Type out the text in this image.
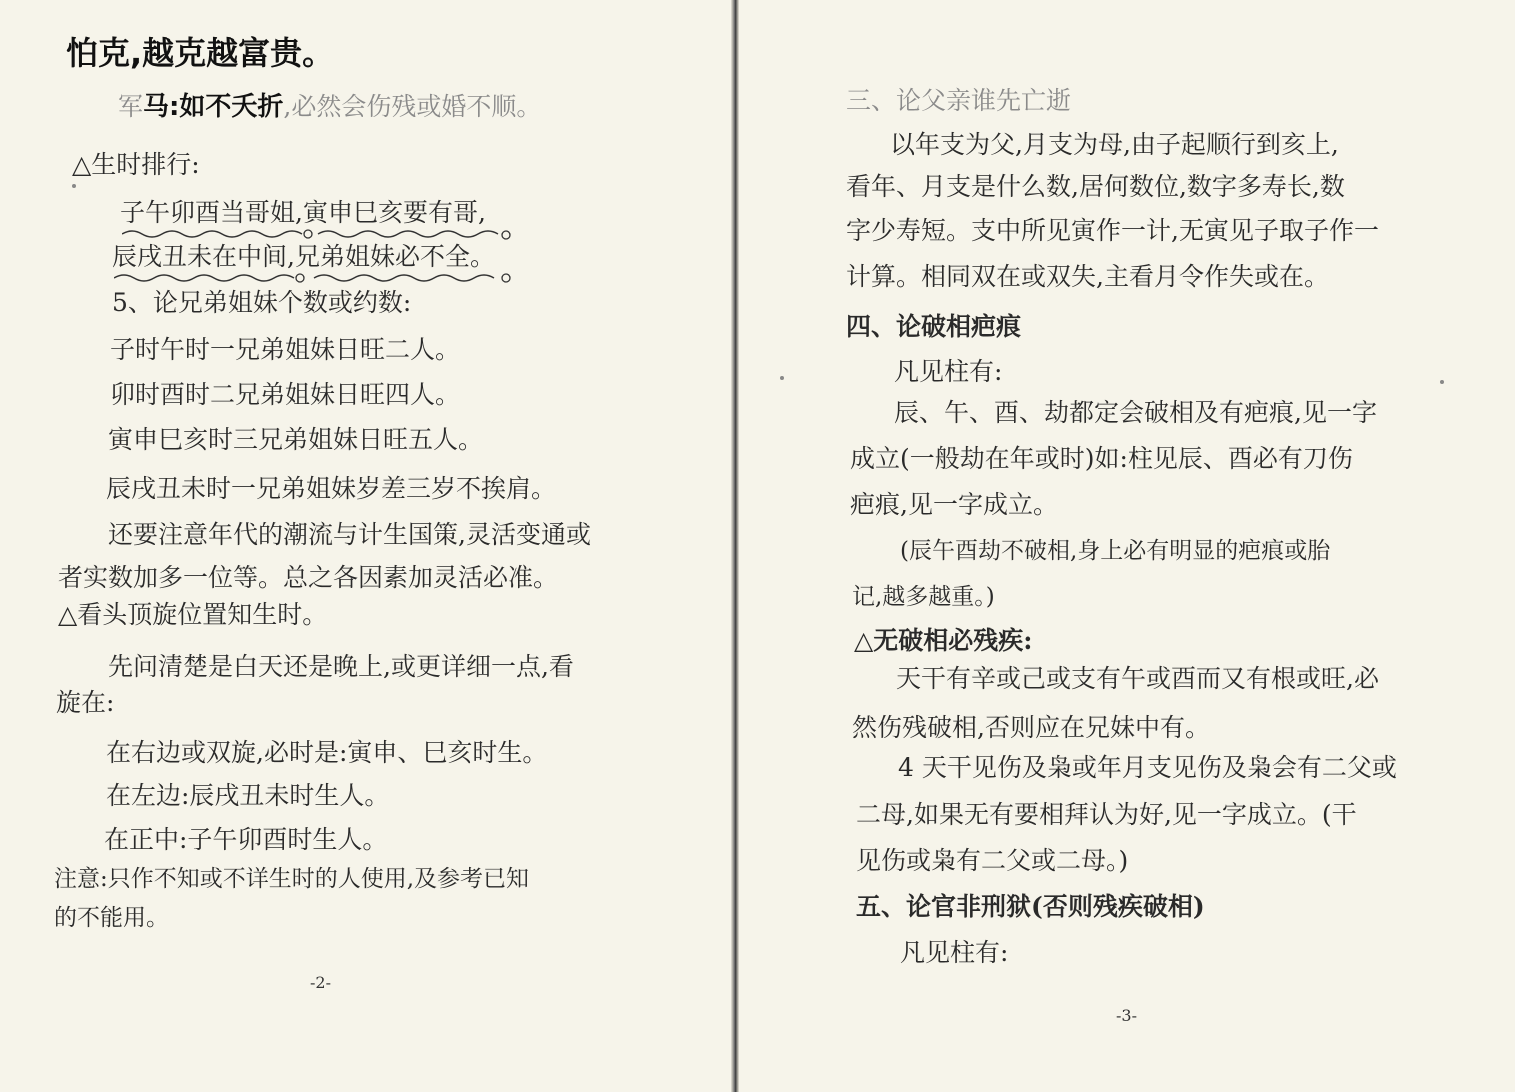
怕克,越克越富贵。
军马:如不夭折,必然会伤残或婚不顺。
△生时排行:
子午卯酉当哥姐,寅申巳亥要有哥,
辰戌丑未在中间,兄弟姐妹必不全。
5、论兄弟姐妹个数或约数:
子时午时一兄弟姐妹日旺二人。
卯时酉时二兄弟姐妹日旺四人。
寅申巳亥时三兄弟姐妹日旺五人。
辰戌丑未时一兄弟姐妹岁差三岁不挨肩。
还要注意年代的潮流与计生国策,灵活变通或
者实数加多一位等。总之各因素加灵活必准。
△看头顶旋位置知生时。
先问清楚是白天还是晚上,或更详细一点,看
旋在:
在右边或双旋,必时是:寅申、巳亥时生。
在左边:辰戌丑未时生人。
在正中:子午卯酉时生人。
注意:只作不知或不详生时的人使用,及参考已知
的不能用。
-2-
三、论父亲谁先亡逝
以年支为父,月支为母,由子起顺行到亥上,
看年、月支是什么数,居何数位,数字多寿长,数
字少寿短。支中所见寅作一计,无寅见子取子作一
计算。相同双在或双失,主看月令作失或在。
四、论破相疤痕
凡见柱有:
辰、午、酉、劫都定会破相及有疤痕,见一字
成立(一般劫在年或时)如:柱见辰、酉必有刀伤
疤痕,见一字成立。
(辰午酉劫不破相,身上必有明显的疤痕或胎
记,越多越重。)
△无破相必残疾:
天干有辛或己或支有午或酉而又有根或旺,必
然伤残破相,否则应在兄妹中有。
4 天干见伤及枭或年月支见伤及枭会有二父或
二母,如果无有要相拜认为好,见一字成立。(干
见伤或枭有二父或二母。)
五、论官非刑狱(否则残疾破相)
凡见柱有:
-3-
